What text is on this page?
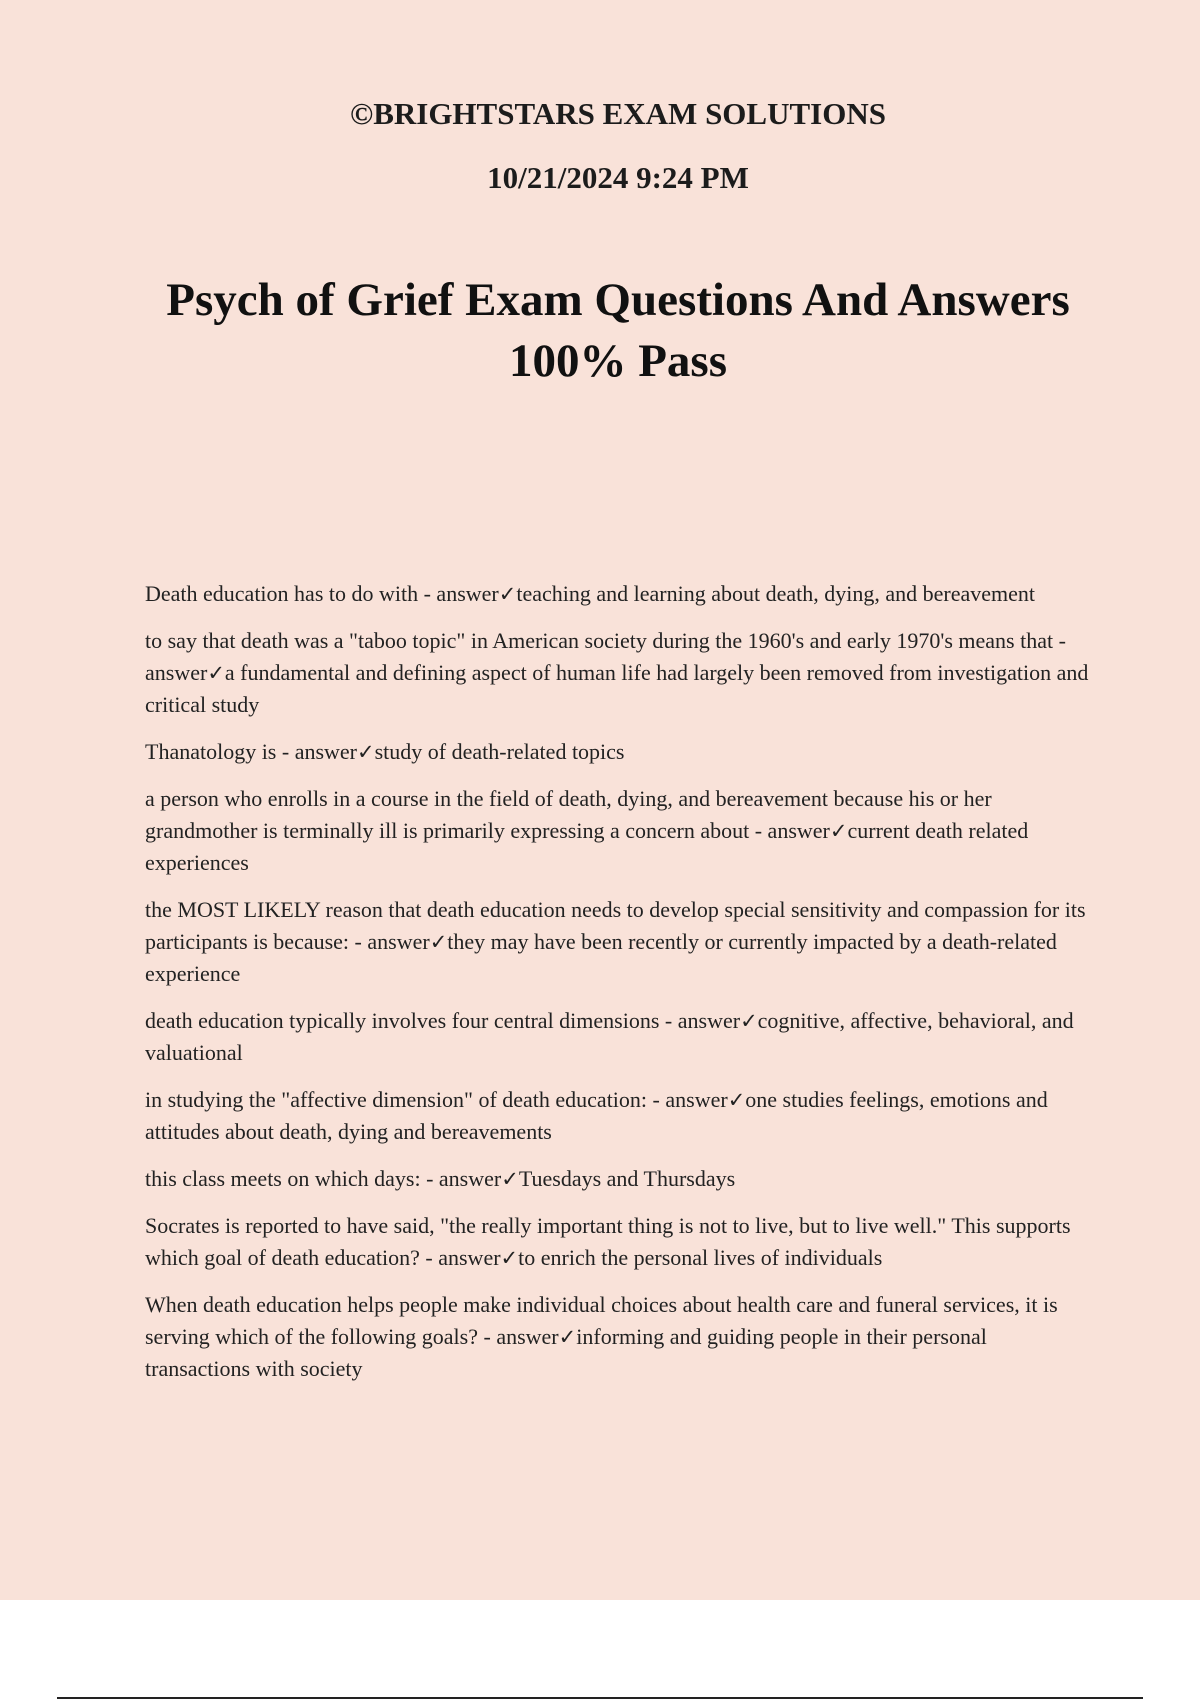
©BRIGHTSTARS EXAM SOLUTIONS
10/21/2024 9:24 PM
Psych of Grief Exam Questions And Answers
100% Pass

Death education has to do with - answer✓teaching and learning about death, dying, and bereavement

to say that death was a "taboo topic" in American society during the 1960's and early 1970's means that - answer✓a fundamental and defining aspect of human life had largely been removed from investigation and critical study

Thanatology is - answer✓study of death-related topics

a person who enrolls in a course in the field of death, dying, and bereavement because his or her grandmother is terminally ill is primarily expressing a concern about - answer✓current death related experiences

the MOST LIKELY reason that death education needs to develop special sensitivity and compassion for its participants is because: - answer✓they may have been recently or currently impacted by a death-related experience

death education typically involves four central dimensions - answer✓cognitive, affective, behavioral, and valuational

in studying the "affective dimension" of death education: - answer✓one studies feelings, emotions and attitudes about death, dying and bereavements

this class meets on which days: - answer✓Tuesdays and Thursdays

Socrates is reported to have said, "the really important thing is not to live, but to live well." This supports which goal of death education? - answer✓to enrich the personal lives of individuals

When death education helps people make individual choices about health care and funeral services, it is serving which of the following goals? - answer✓informing and guiding people in their personal transactions with society
